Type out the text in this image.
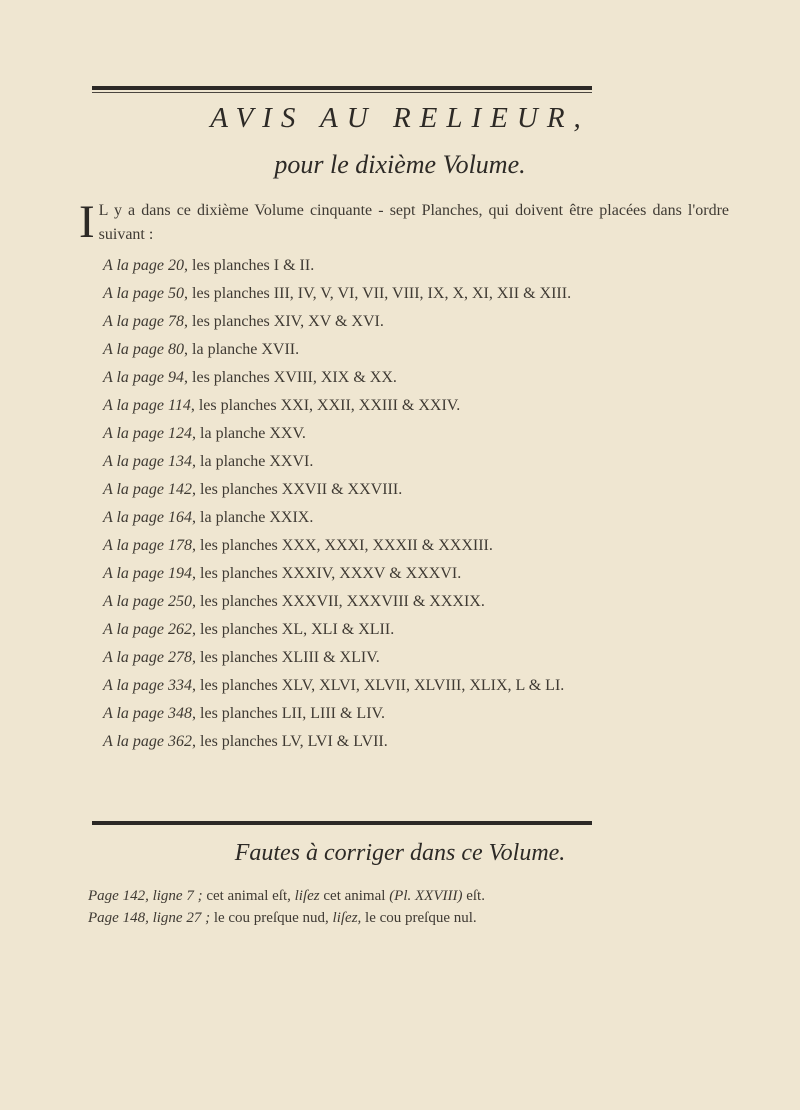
AVIS AU RELIEUR,
pour le dixième Volume.
I L y a dans ce dixième Volume cinquante - sept Planches, qui doivent être placées dans l'ordre suivant :
A la page 20, les planches I & II.
A la page 50, les planches III, IV, V, VI, VII, VIII, IX, X, XI, XII & XIII.
A la page 78, les planches XIV, XV & XVI.
A la page 80, la planche XVII.
A la page 94, les planches XVIII, XIX & XX.
A la page 114, les planches XXI, XXII, XXIII & XXIV.
A la page 124, la planche XXV.
A la page 134, la planche XXVI.
A la page 142, les planches XXVII & XXVIII.
A la page 164, la planche XXIX.
A la page 178, les planches XXX, XXXI, XXXII & XXXIII.
A la page 194, les planches XXXIV, XXXV & XXXVI.
A la page 250, les planches XXXVII, XXXVIII & XXXIX.
A la page 262, les planches XL, XLI & XLII.
A la page 278, les planches XLIII & XLIV.
A la page 334, les planches XLV, XLVI, XLVII, XLVIII, XLIX, L & LI.
A la page 348, les planches LII, LIII & LIV.
A la page 362, les planches LV, LVI & LVII.
Fautes à corriger dans ce Volume.

Page 142, ligne 7 ; cet animal eſt, liſez cet animal (Pl. XXVIII) eſt.

Page 148, ligne 27 ; le cou preſque nud, liſez, le cou preſque nul.
